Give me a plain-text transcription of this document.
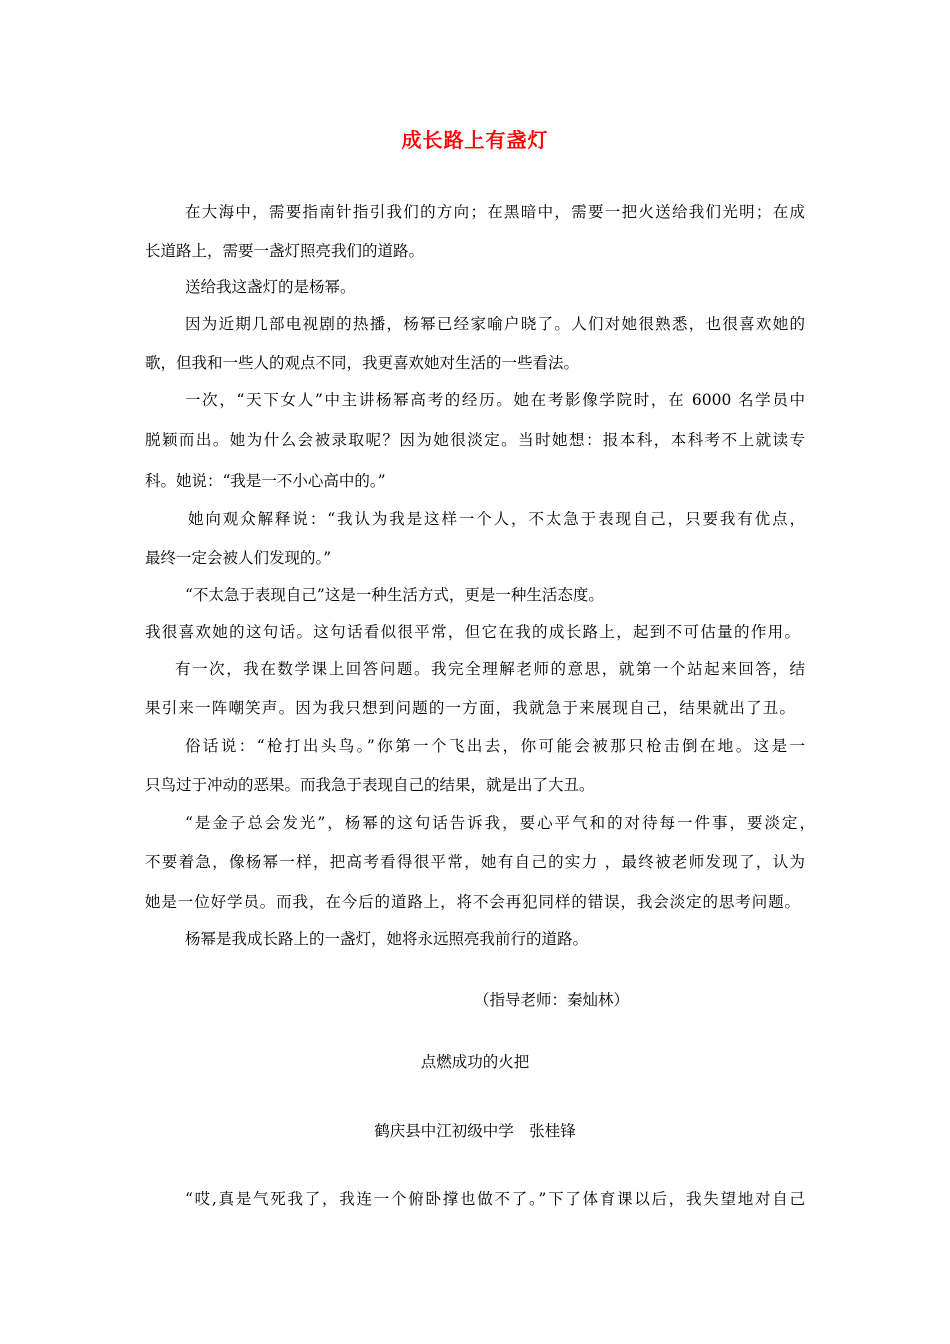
成长路上有盏灯
在大海中，需要指南针指引我们的方向；在黑暗中，需要一把火送给我们光明；在成
长道路上，需要一盏灯照亮我们的道路。
送给我这盏灯的是杨幂。
因为近期几部电视剧的热播，杨幂已经家喻户晓了。人们对她很熟悉，也很喜欢她的
歌，但我和一些人的观点不同，我更喜欢她对生活的一些看法。
一次，“天下女人”中主讲杨幂高考的经历。她在考影像学院时，在 6000 名学员中
脱颖而出。她为什么会被录取呢？因为她很淡定。当时她想：报本科，本科考不上就读专
科。她说：“我是一不小心高中的。”
她向观众解释说：“我认为我是这样一个人，不太急于表现自己，只要我有优点，
最终一定会被人们发现的。”
“不太急于表现自己”这是一种生活方式，更是一种生活态度。
我很喜欢她的这句话。这句话看似很平常，但它在我的成长路上，起到不可估量的作用。
有一次，我在数学课上回答问题。我完全理解老师的意思，就第一个站起来回答，结
果引来一阵嘲笑声。因为我只想到问题的一方面，我就急于来展现自己，结果就出了丑。
俗话说：“枪打出头鸟。”你第一个飞出去，你可能会被那只枪击倒在地。这是一
只鸟过于冲动的恶果。而我急于表现自己的结果，就是出了大丑。
“是金子总会发光”，杨幂的这句话告诉我，要心平气和的对待每一件事，要淡定，
不要着急，像杨幂一样，把高考看得很平常，她有自己的实力 ，最终被老师发现了，认为
她是一位好学员。而我，在今后的道路上，将不会再犯同样的错误，我会淡定的思考问题。
杨幂是我成长路上的一盏灯，她将永远照亮我前行的道路。
（指导老师：秦灿林）
点燃成功的火把
鹤庆县中江初级中学　张桂锋
“哎,真是气死我了，我连一个俯卧撑也做不了。”下了体育课以后，我失望地对自己
